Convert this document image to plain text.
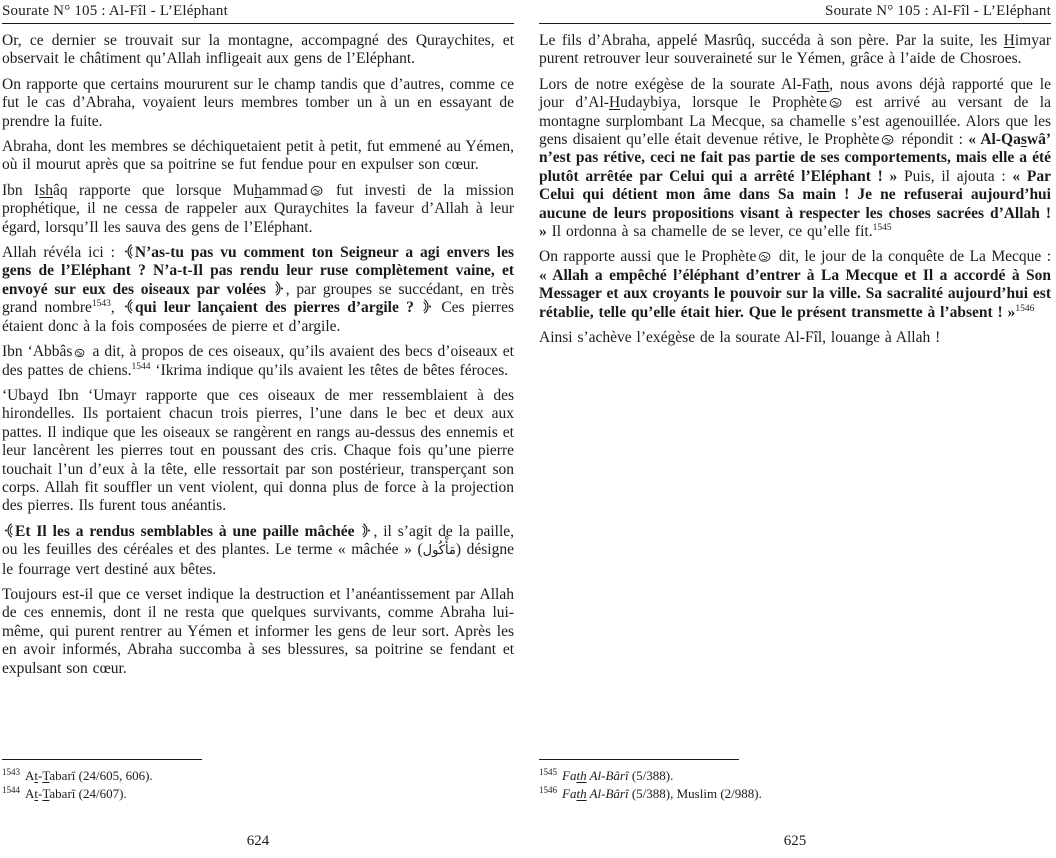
Sourate N° 105 : Al-Fîl - L’Eléphant

Or, ce dernier se trouvait sur la montagne, accompagné des Quraychites, et observait le châtiment qu’Allah infligeait aux gens de l’Eléphant.

On rapporte que certains moururent sur le champ tandis que d’autres, comme ce fut le cas d’Abraha, voyaient leurs membres tomber un à un en essayant de prendre la fuite.

Abraha, dont les membres se déchiquetaient petit à petit, fut emmené au Yémen, où il mourut après que sa poitrine se fut fendue pour en expulser son cœur.

Ibn Ishâq rapporte que lorsque Muhammad fut investi de la mission prophétique, il ne cessa de rappeler aux Quraychites la faveur d’Allah à leur égard, lorsqu’Il les sauva des gens de l’Eléphant.

Allah révéla ici : N’as-tu pas vu comment ton Seigneur a agi envers les gens de l’Eléphant ? N’a-t-Il pas rendu leur ruse complètement vaine, et envoyé sur eux des oiseaux par volées , par groupes se succédant, en très grand nombre$^{1543}$, qui leur lançaient des pierres d’argile ?  Ces pierres étaient donc à la fois composées de pierre et d’argile.

Ibn ‘Abbâs a dit, à propos de ces oiseaux, qu’ils avaient des becs d’oiseaux et des pattes de chiens.$^{1544}$ ‘Ikrima indique qu’ils avaient les têtes de bêtes féroces.

‘Ubayd Ibn ‘Umayr rapporte que ces oiseaux de mer ressemblaient à des hirondelles. Ils portaient chacun trois pierres, l’une dans le bec et deux aux pattes. Il indique que les oiseaux se rangèrent en rangs au-dessus des ennemis et leur lancèrent les pierres tout en poussant des cris. Chaque fois qu’une pierre touchait l’un d’eux à la tête, elle ressortait par son postérieur, transperçant son corps. Allah fit souffler un vent violent, qui donna plus de force à la projection des pierres. Ils furent tous anéantis.

Et Il les a rendus semblables à une paille mâchée , il s’agit de la paille, ou les feuilles des céréales et des plantes. Le terme « mâchée » (مَأْكُول) désigne le fourrage vert destiné aux bêtes.

Toujours est-il que ce verset indique la destruction et l’anéantissement par Allah de ces ennemis, dont il ne resta que quelques survivants, comme Abraha lui-même, qui purent rentrer au Yémen et informer les gens de leur sort. Après les en avoir informés, Abraha succomba à ses blessures, sa poitrine se fendant et expulsant son cœur.

$^{1543}$ At-Tabarî (24/605, 606).
$^{1544}$ At-Tabarî (24/607).
624
Sourate N° 105 : Al-Fîl - L’Eléphant

Le fils d’Abraha, appelé Masrûq, succéda à son père. Par la suite, les Himyar purent retrouver leur souveraineté sur le Yémen, grâce à l’aide de Chosroes.

Lors de notre exégèse de la sourate Al-Fath, nous avons déjà rapporté que le jour d’Al-Hudaybiya, lorsque le Prophète est arrivé au versant de la montagne surplombant La Mecque, sa chamelle s’est agenouillée. Alors que les gens disaient qu’elle était devenue rétive, le Prophète répondit : « Al-Qaswâ’ n’est pas rétive, ceci ne fait pas partie de ses comportements, mais elle a été plutôt arrêtée par Celui qui a arrêté l’Eléphant ! » Puis, il ajouta : « Par Celui qui détient mon âme dans Sa main ! Je ne refuserai aujourd’hui aucune de leurs propositions visant à respecter les choses sacrées d’Allah ! » Il ordonna à sa chamelle de se lever, ce qu’elle fit.$^{1545}$

On rapporte aussi que le Prophète dit, le jour de la conquête de La Mecque : « Allah a empêché l’éléphant d’entrer à La Mecque et Il a accordé à Son Messager et aux croyants le pouvoir sur la ville. Sa sacralité aujourd’hui est rétablie, telle qu’elle était hier. Que le présent transmette à l’absent ! »$^{1546}$

Ainsi s’achève l’exégèse de la sourate Al-Fîl, louange à Allah !

$^{1545}$ Fath Al-Bârî (5/388).
$^{1546}$ Fath Al-Bârî (5/388), Muslim (2/988).
625
